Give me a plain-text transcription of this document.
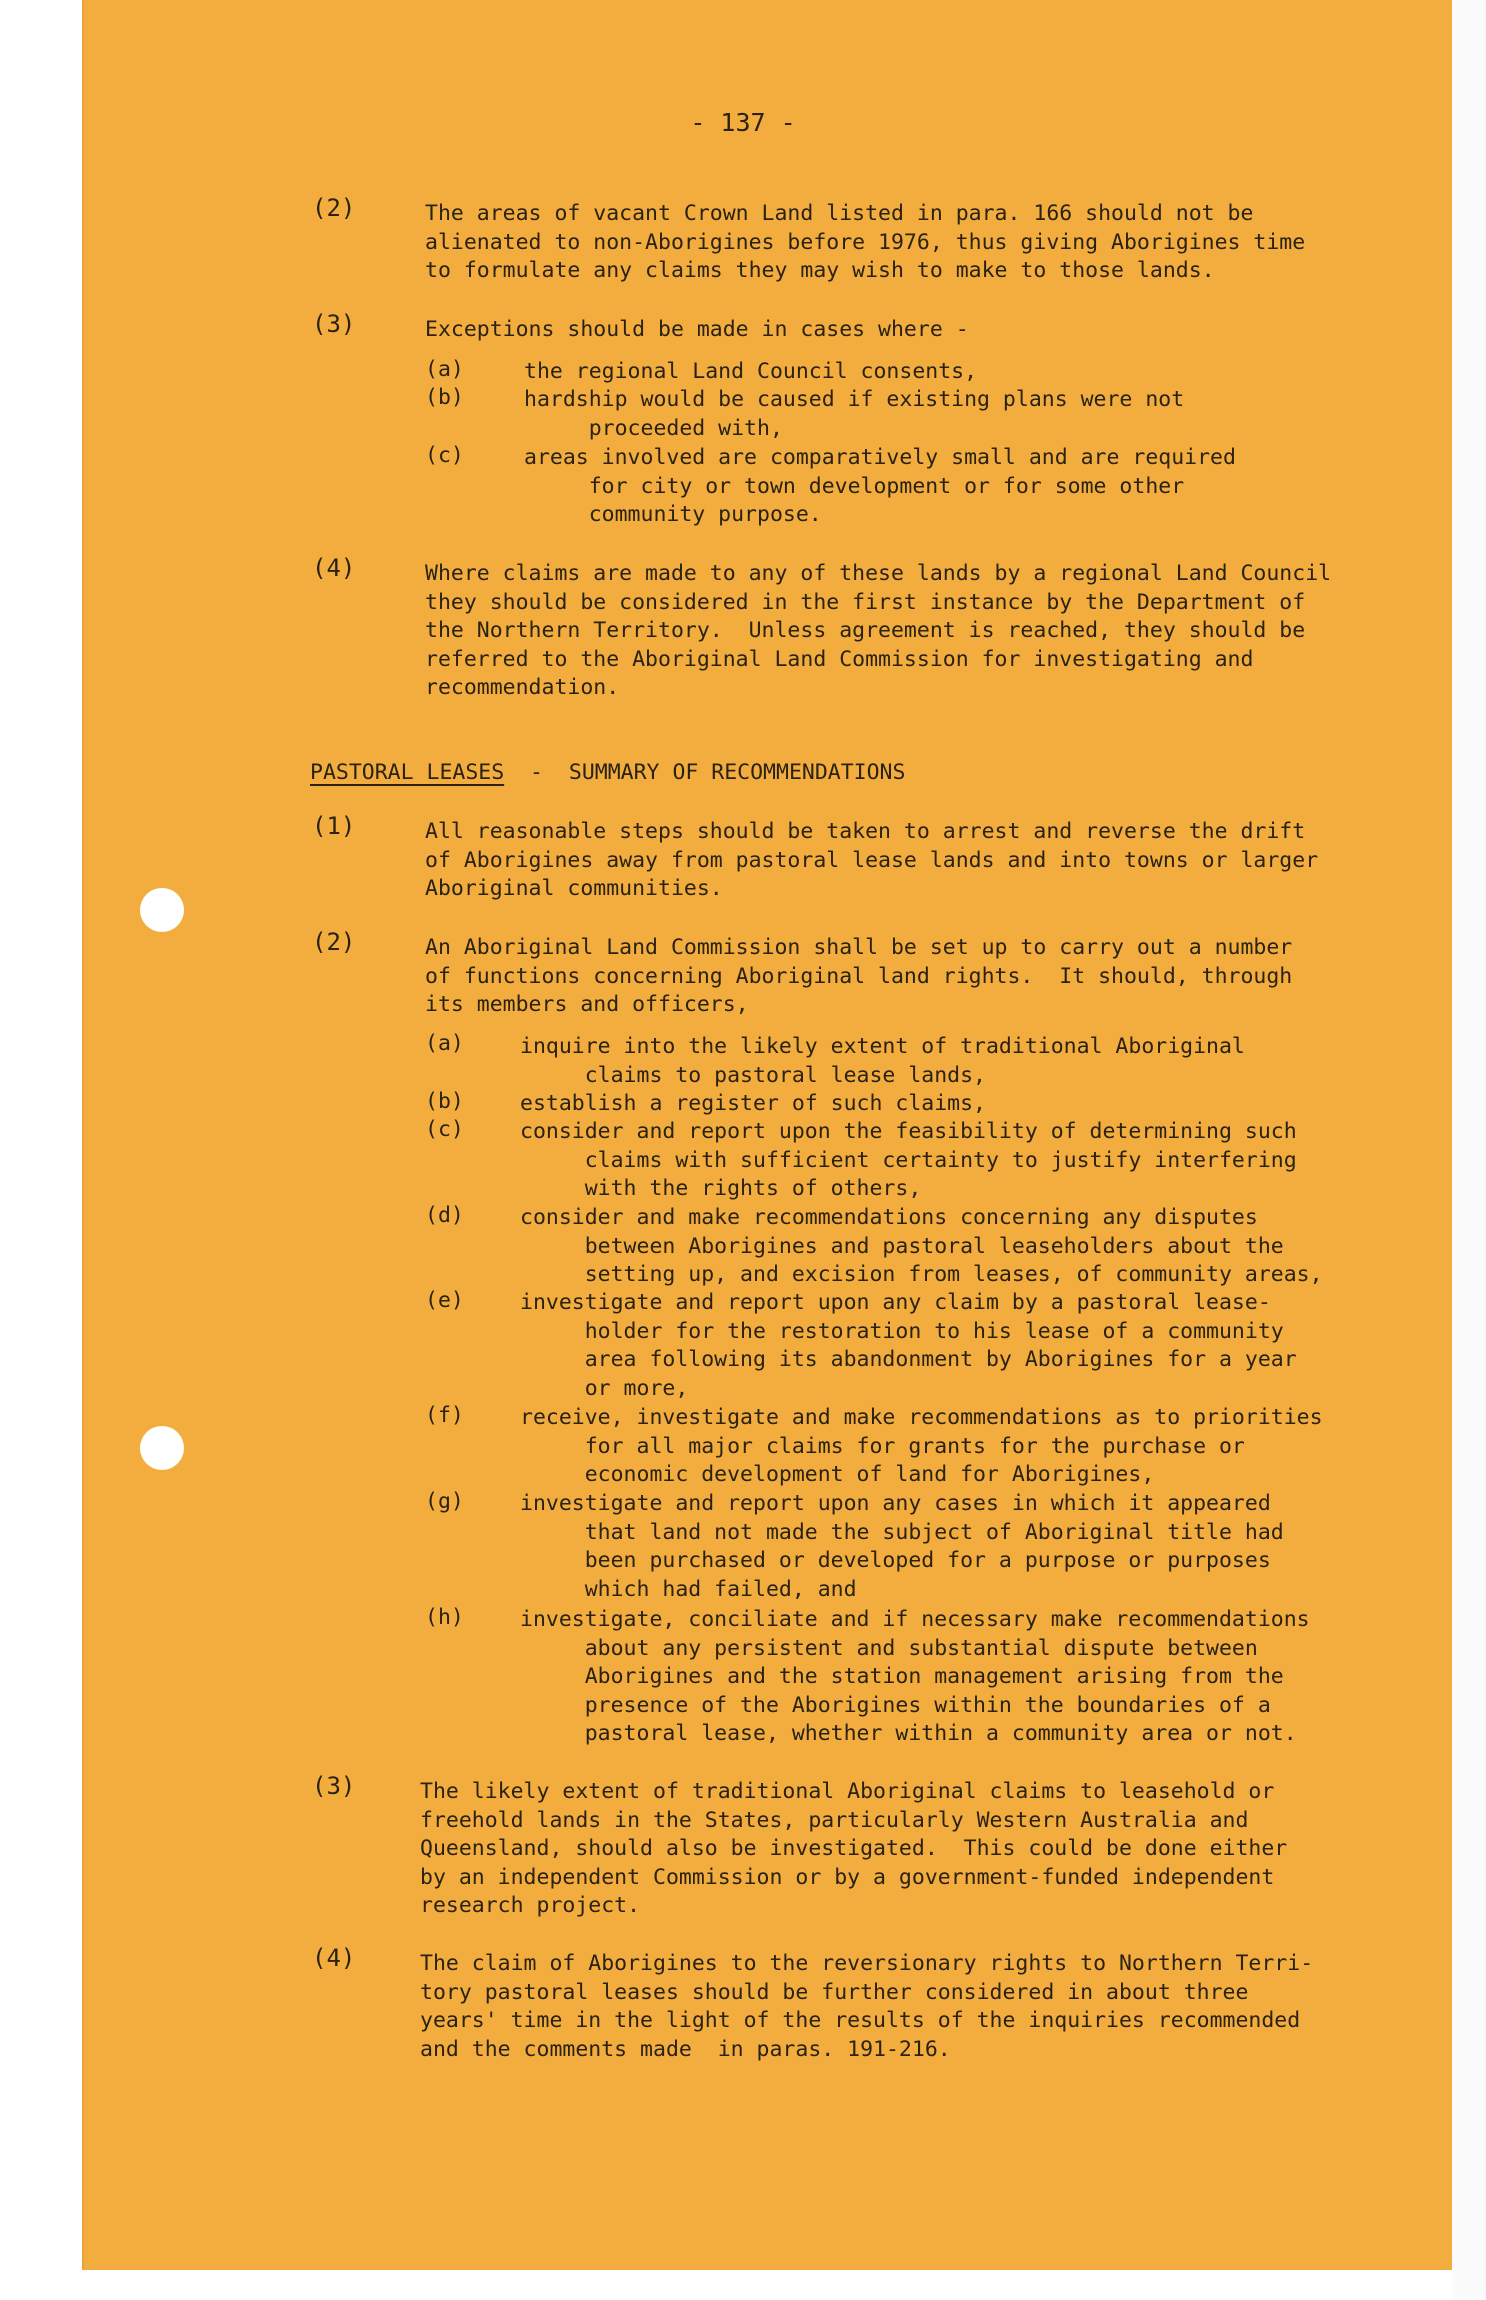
- 137 -
(2)	The areas of vacant Crown Land listed in para. 166 should not be
alienated to non-Aborigines before 1976, thus giving Aborigines time
to formulate any claims they may wish to make to those lands.
(3)	Exceptions should be made in cases where -
(a)	the regional Land Council consents,
(b)	hardship would be caused if existing plans were not
proceeded with,
(c)	areas involved are comparatively small and are required
for city or town development or for some other
community purpose.
(4)	Where claims are made to any of these lands by a regional Land Council
they should be considered in the first instance by the Department of
the Northern Territory.  Unless agreement is reached, they should be
referred to the Aboriginal Land Commission for investigating and
recommendation.
PASTORAL LEASES  -  SUMMARY OF RECOMMENDATIONS
(1)	All reasonable steps should be taken to arrest and reverse the drift
of Aborigines away from pastoral lease lands and into towns or larger
Aboriginal communities.
(2)	An Aboriginal Land Commission shall be set up to carry out a number
of functions concerning Aboriginal land rights.  It should, through
its members and officers,
(a)	inquire into the likely extent of traditional Aboriginal
claims to pastoral lease lands,
(b)	establish a register of such claims,
(c)	consider and report upon the feasibility of determining such
claims with sufficient certainty to justify interfering
with the rights of others,
(d)	consider and make recommendations concerning any disputes
between Aborigines and pastoral leaseholders about the
setting up, and excision from leases, of community areas,
(e)	investigate and report upon any claim by a pastoral lease-
holder for the restoration to his lease of a community
area following its abandonment by Aborigines for a year
or more,
(f)	receive, investigate and make recommendations as to priorities
for all major claims for grants for the purchase or
economic development of land for Aborigines,
(g)	investigate and report upon any cases in which it appeared
that land not made the subject of Aboriginal title had
been purchased or developed for a purpose or purposes
which had failed, and
(h)	investigate, conciliate and if necessary make recommendations
about any persistent and substantial dispute between
Aborigines and the station management arising from the
presence of the Aborigines within the boundaries of a
pastoral lease, whether within a community area or not.
(3)	The likely extent of traditional Aboriginal claims to leasehold or
freehold lands in the States, particularly Western Australia and
Queensland, should also be investigated.  This could be done either
by an independent Commission or by a government-funded independent
research project.
(4)	The claim of Aborigines to the reversionary rights to Northern Terri-
tory pastoral leases should be further considered in about three
years' time in the light of the results of the inquiries recommended
and the comments made  in paras. 191-216.
